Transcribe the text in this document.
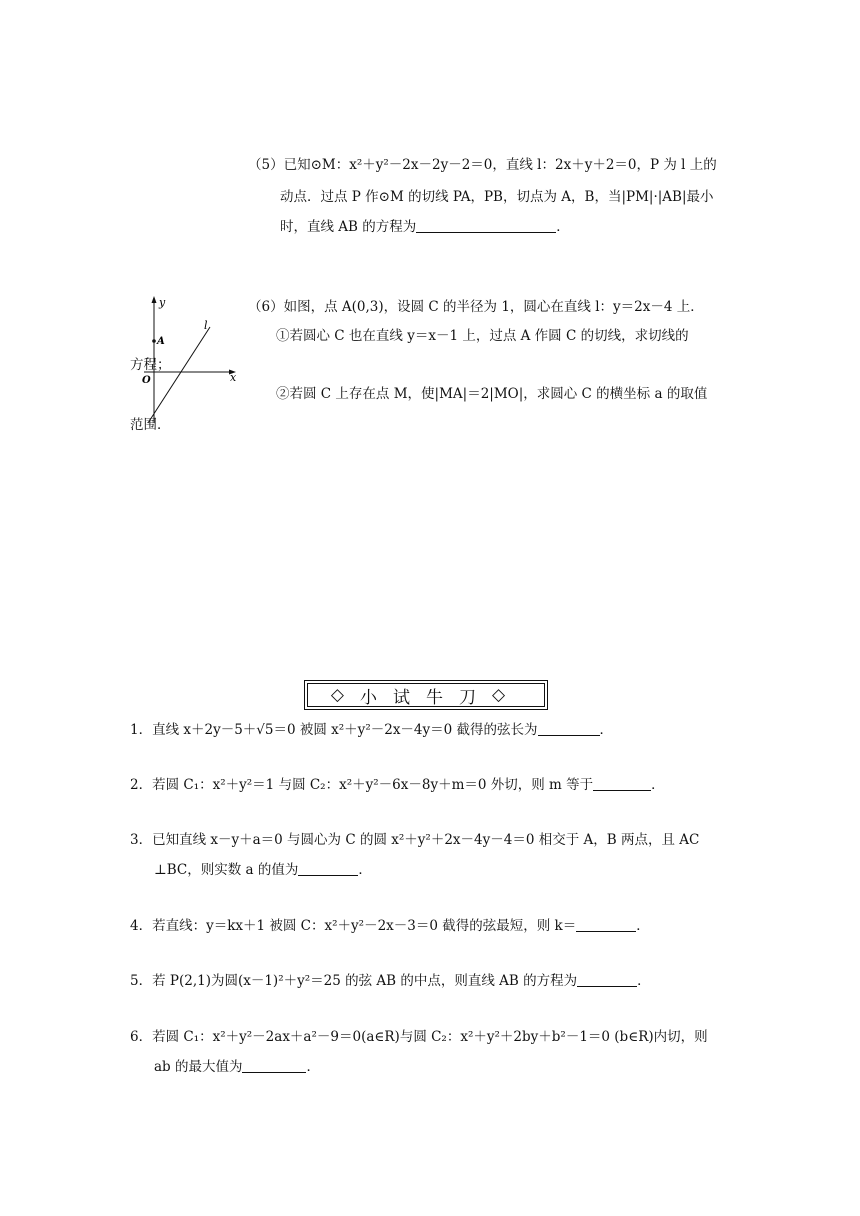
（5）已知⊙M：x²＋y²－2x－2y－2＝0，直线 l：2x＋y＋2＝0，P 为 l 上的
动点．过点 P 作⊙M 的切线 PA，PB，切点为 A，B，当|PM|·|AB|最小
时，直线 AB 的方程为	．
y
x
O
A
l
（6）如图，点 A(0,3)，设圆 C 的半径为 1，圆心在直线 l：y＝2x－4 上．
①若圆心 C 也在直线 y＝x－1 上，过点 A 作圆 C 的切线，求切线的
方程；
②若圆 C 上存在点 M，使|MA|＝2|MO|，求圆心 C 的横坐标 a 的取值
范围．
◇ 小试牛刀 ◇
1．直线 x＋2y－5＋√5＝0 被圆 x²＋y²－2x－4y＝0 截得的弦长为	．
2．若圆 C₁：x²＋y²＝1 与圆 C₂：x²＋y²－6x－8y＋m＝0 外切，则 m 等于	．
3．已知直线 x－y＋a＝0 与圆心为 C 的圆 x²＋y²＋2x－4y－4＝0 相交于 A，B 两点，且 AC
⊥BC，则实数 a 的值为	．
4．若直线：y＝kx＋1 被圆 C：x²＋y²－2x－3＝0 截得的弦最短，则 k＝	．
5．若 P(2,1)为圆(x－1)²＋y²＝25 的弦 AB 的中点，则直线 AB 的方程为	．
6．若圆 C₁：x²＋y²－2ax＋a²－9＝0(a∈R)与圆 C₂：x²＋y²＋2by＋b²－1＝0 (b∈R)内切，则
ab 的最大值为	．
